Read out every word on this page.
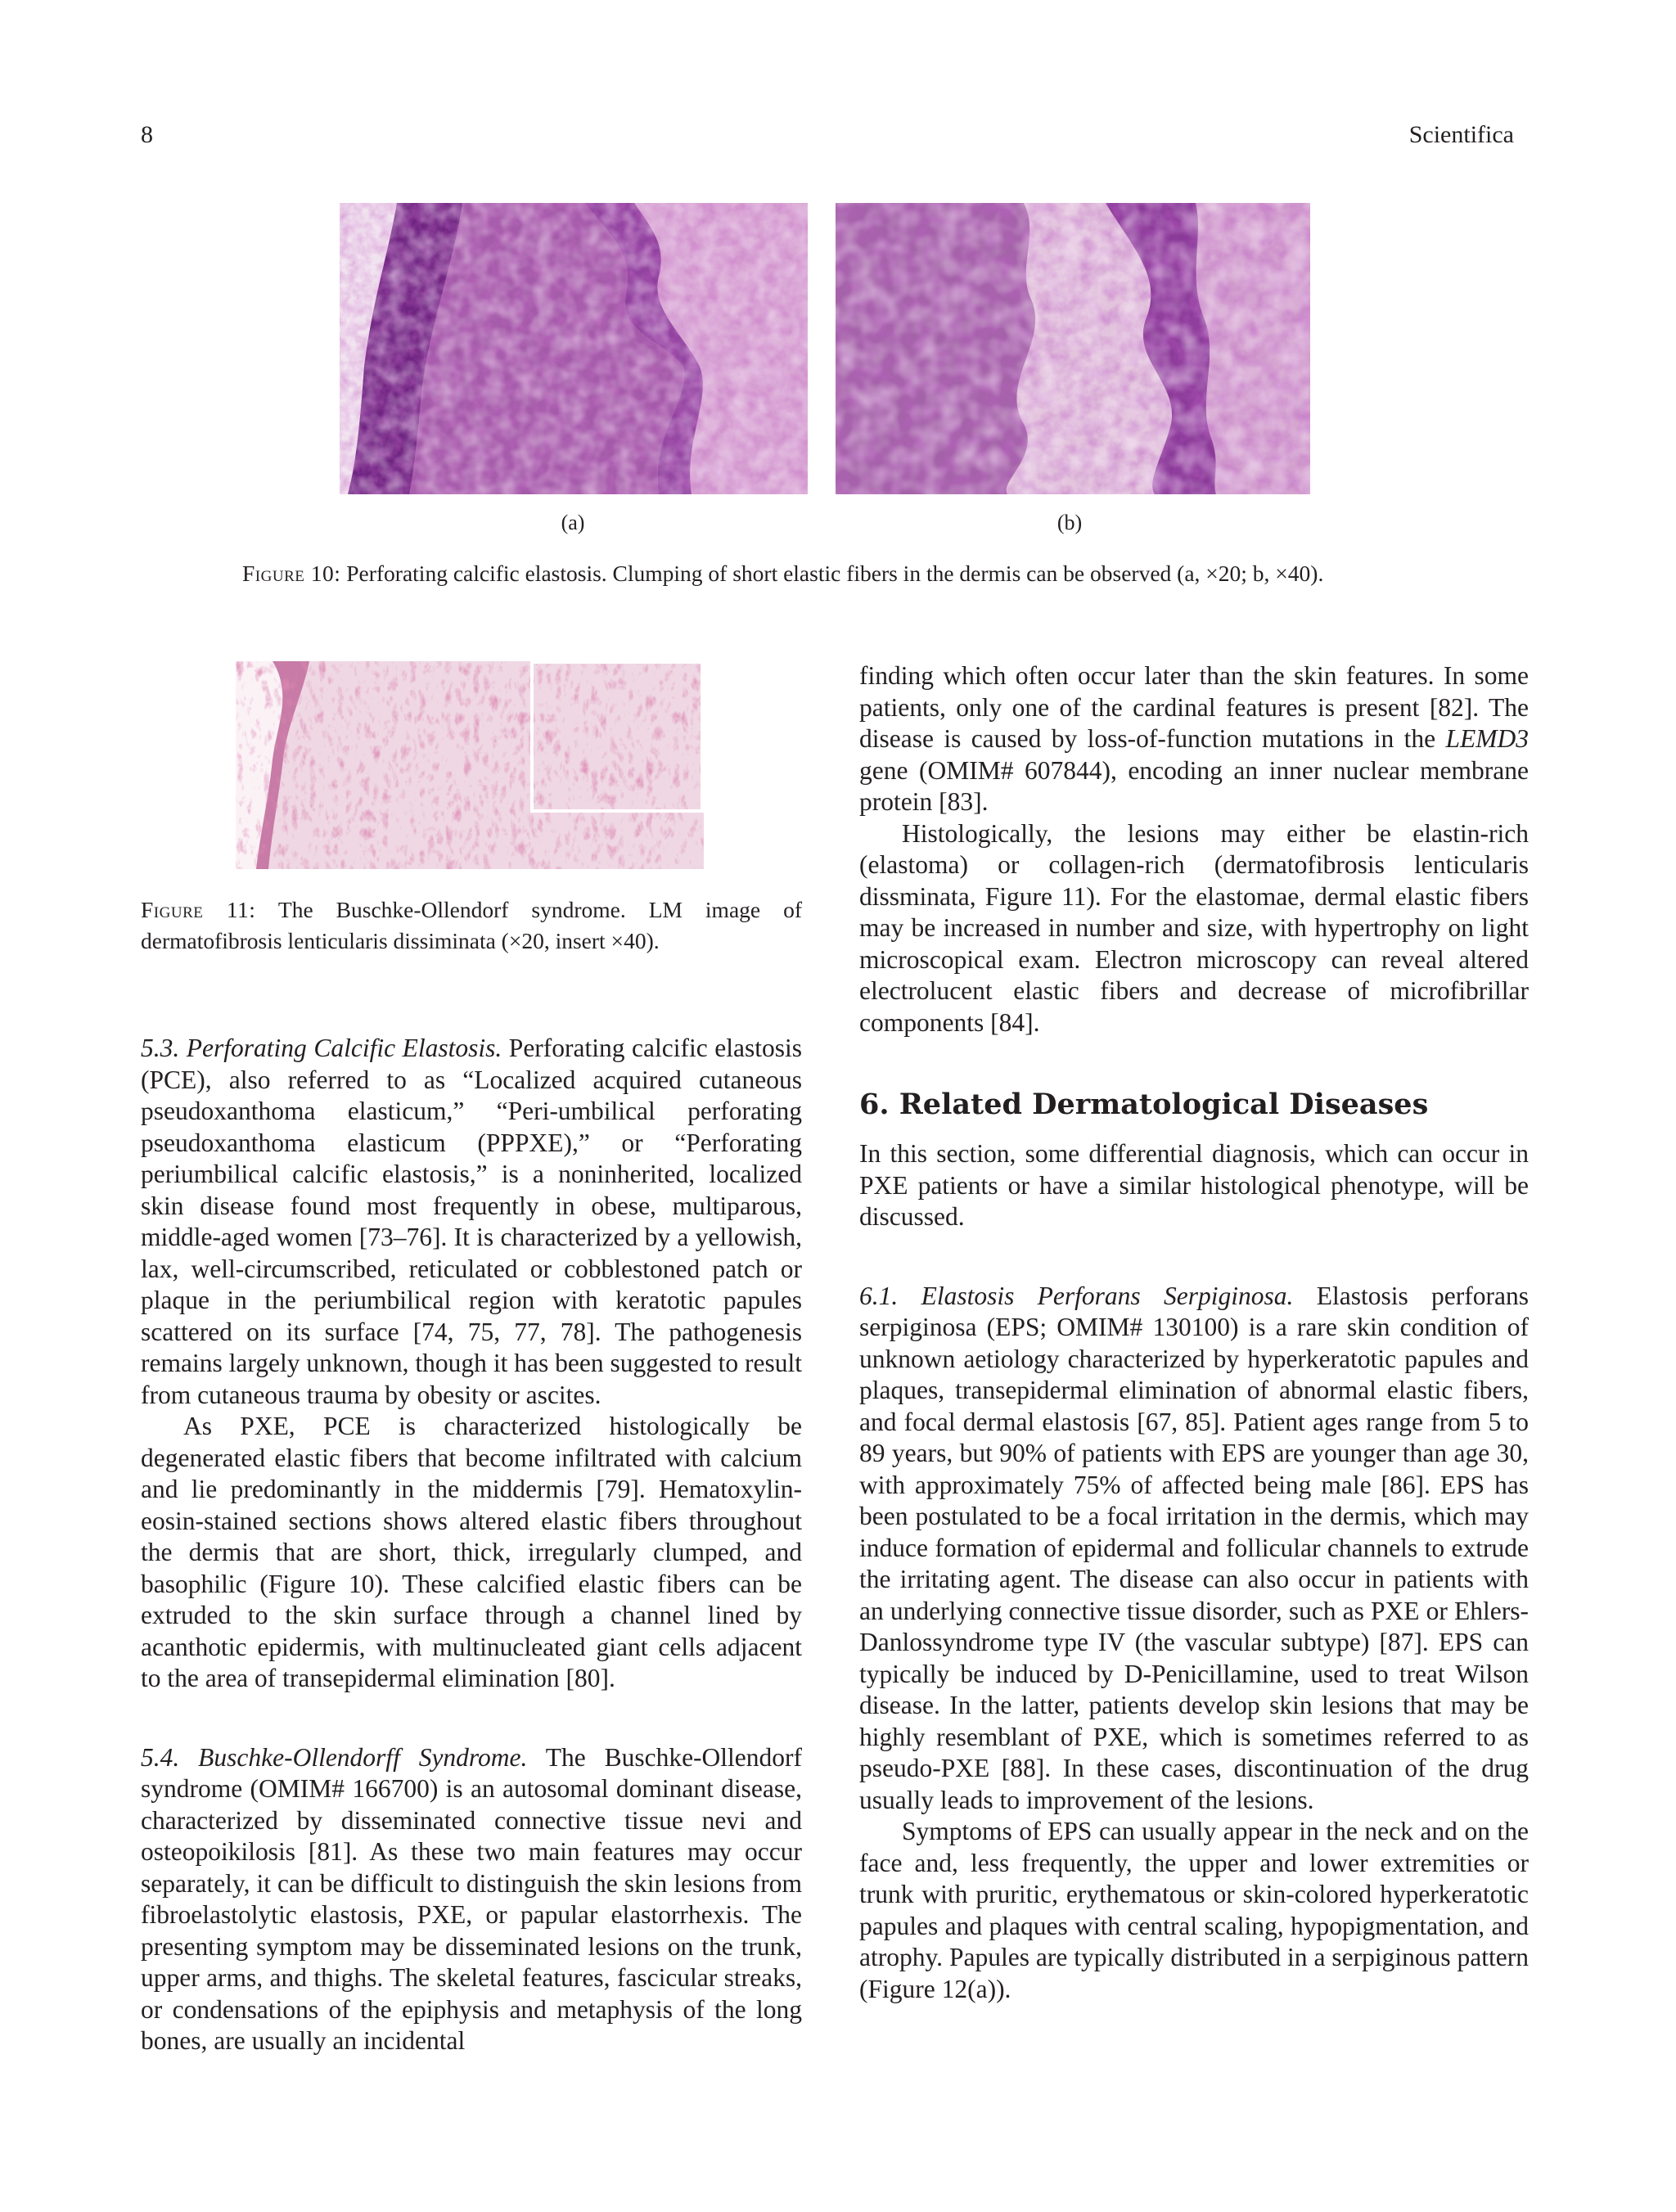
8	Scientifica
(a)	(b)
Figure 10: Perforating calcific elastosis. Clumping of short elastic fibers in the dermis can be observed (a, ×20; b, ×40).
Figure 11: The Buschke-Ollendorf syndrome. LM image of dermatofibrosis lenticularis dissiminata (×20, insert ×40).

5.3. Perforating Calcific Elastosis. Perforating calcific elastosis (PCE), also referred to as “Localized acquired cutaneous pseudoxanthoma elasticum,” “Peri-umbilical perforating pseudoxanthoma elasticum (PPPXE),” or “Perforating periumbilical calcific elastosis,” is a noninherited, localized skin disease found most frequently in obese, multiparous, middle-aged women [73–76]. It is characterized by a yellowish, lax, well-circumscribed, reticulated or cobblestoned patch or plaque in the periumbilical region with keratotic papules scattered on its surface [74, 75, 77, 78]. The pathogenesis remains largely unknown, though it has been suggested to result from cutaneous trauma by obesity or ascites.

As PXE, PCE is characterized histologically be degenerated elastic fibers that become infiltrated with calcium and lie predominantly in the middermis [79]. Hematoxylin-eosin-stained sections shows altered elastic fibers throughout the dermis that are short, thick, irregularly clumped, and basophilic (Figure 10). These calcified elastic fibers can be extruded to the skin surface through a channel lined by acanthotic epidermis, with multinucleated giant cells adjacent to the area of transepidermal elimination [80].

5.4. Buschke-Ollendorff Syndrome. The Buschke-Ollendorf syndrome (OMIM# 166700) is an autosomal dominant disease, characterized by disseminated connective tissue nevi and osteopoikilosis [81]. As these two main features may occur separately, it can be difficult to distinguish the skin lesions from fibroelastolytic elastosis, PXE, or papular elastorrhexis. The presenting symptom may be disseminated lesions on the trunk, upper arms, and thighs. The skeletal features, fascicular streaks, or condensations of the epiphysis and metaphysis of the long bones, are usually an incidental

finding which often occur later than the skin features. In some patients, only one of the cardinal features is present [82]. The disease is caused by loss-of-function mutations in the LEMD3 gene (OMIM# 607844), encoding an inner nuclear membrane protein [83].

Histologically, the lesions may either be elastin-rich (elastoma) or collagen-rich (dermatofibrosis lenticularis dissminata, Figure 11). For the elastomae, dermal elastic fibers may be increased in number and size, with hypertrophy on light microscopical exam. Electron microscopy can reveal altered electrolucent elastic fibers and decrease of microfibrillar components [84].

6. Related Dermatological Diseases

In this section, some differential diagnosis, which can occur in PXE patients or have a similar histological phenotype, will be discussed.

6.1. Elastosis Perforans Serpiginosa. Elastosis perforans serpiginosa (EPS; OMIM# 130100) is a rare skin condition of unknown aetiology characterized by hyperkeratotic papules and plaques, transepidermal elimination of abnormal elastic fibers, and focal dermal elastosis [67, 85]. Patient ages range from 5 to 89 years, but 90% of patients with EPS are younger than age 30, with approximately 75% of affected being male [86]. EPS has been postulated to be a focal irritation in the dermis, which may induce formation of epidermal and follicular channels to extrude the irritating agent. The disease can also occur in patients with an underlying connective tissue disorder, such as PXE or Ehlers-Danlossyndrome type IV (the vascular subtype) [87]. EPS can typically be induced by D-Penicillamine, used to treat Wilson disease. In the latter, patients develop skin lesions that may be highly resemblant of PXE, which is sometimes referred to as pseudo-PXE [88]. In these cases, discontinuation of the drug usually leads to improvement of the lesions.

Symptoms of EPS can usually appear in the neck and on the face and, less frequently, the upper and lower extremities or trunk with pruritic, erythematous or skin-colored hyperkeratotic papules and plaques with central scaling, hypopigmentation, and atrophy. Papules are typically distributed in a serpiginous pattern (Figure 12(a)).
